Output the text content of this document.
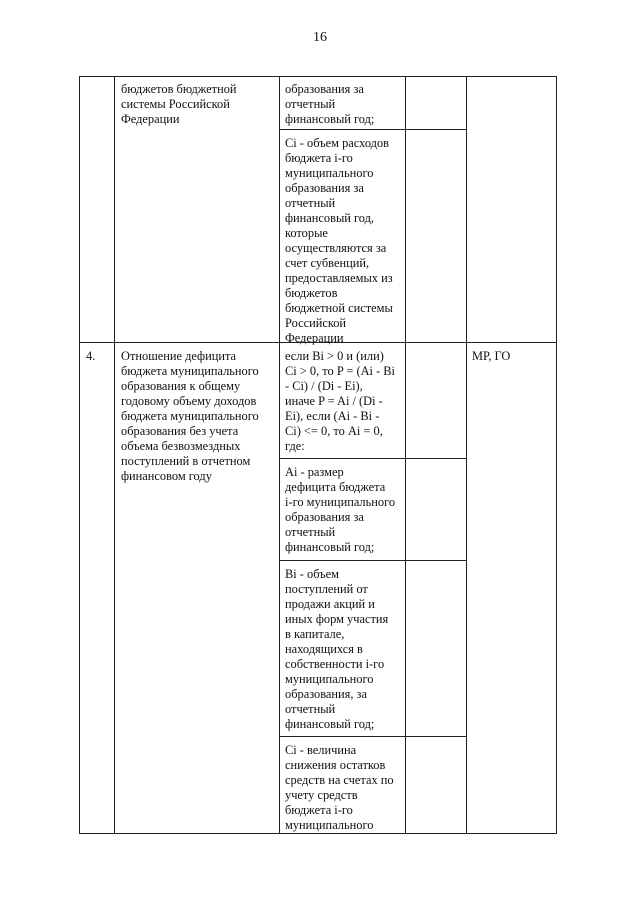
16
бюджетов бюджетной
системы Российской
Федерации
образования за
отчетный
финансовый год;
Ci - объем расходов
бюджета i-го
муниципального
образования за
отчетный
финансовый год,
которые
осуществляются за
счет субвенций,
предоставляемых из
бюджетов
бюджетной системы
Российской
Федерации
4.	Отношение дефицита
бюджета муниципального
образования к общему
годовому объему доходов
бюджета муниципального
образования без учета
объема безвозмездных
поступлений в отчетном
финансовом году
если Bi > 0 и (или)
Ci > 0, то P = (Ai - Bi
- Ci) / (Di - Ei),
иначе P = Ai / (Di -
Ei), если (Ai - Bi -
Ci) <= 0, то Ai = 0,
где:
Ai - размер
дефицита бюджета
i-го муниципального
образования за
отчетный
финансовый год;
Bi - объем
поступлений от
продажи акций и
иных форм участия
в капитале,
находящихся в
собственности i-го
муниципального
образования, за
отчетный
финансовый год;
Ci - величина
снижения остатков
средств на счетах по
учету средств
бюджета i-го
муниципального
МР, ГО
